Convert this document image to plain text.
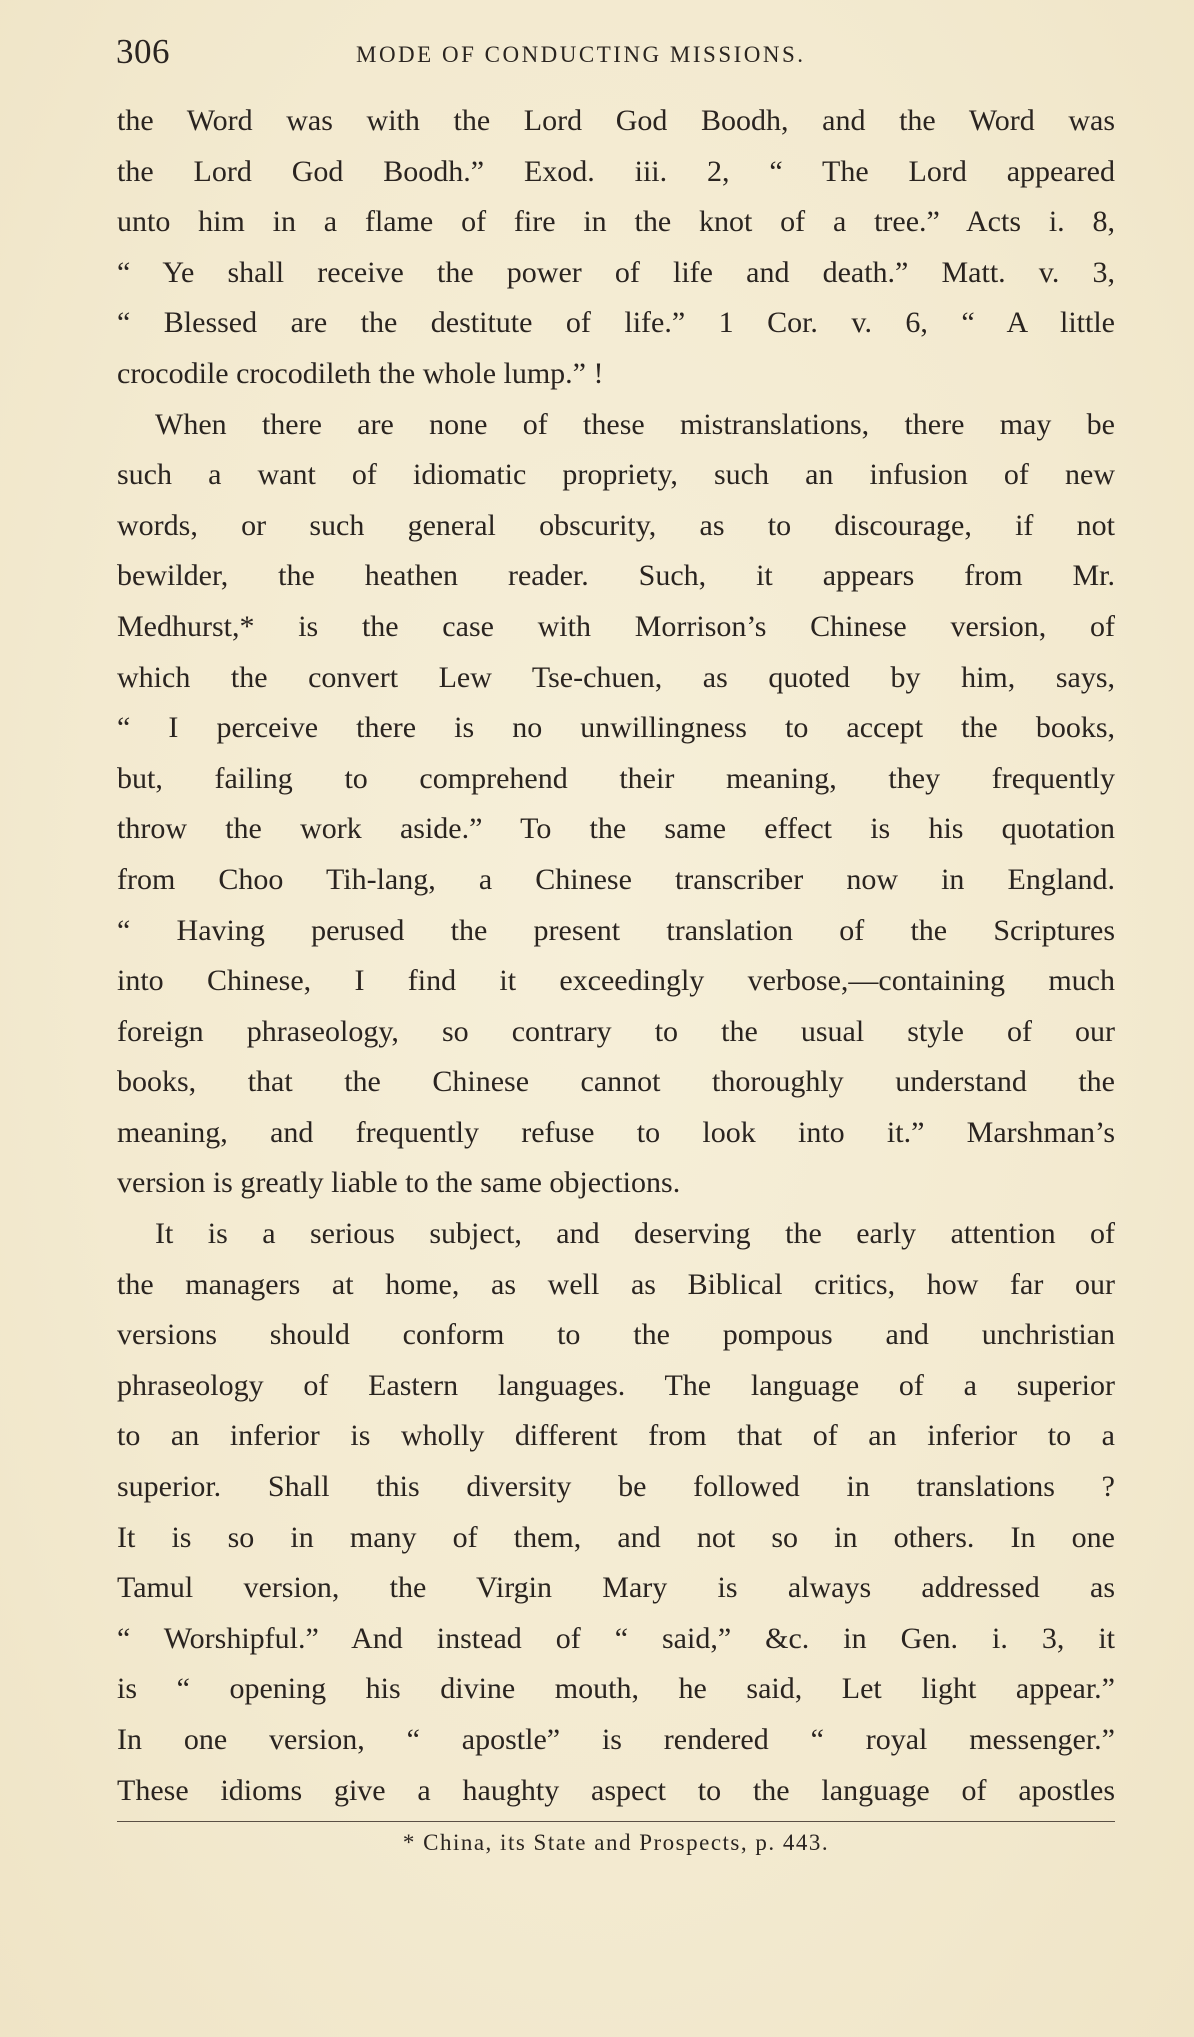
306	MODE OF CONDUCTING MISSIONS.
the Word was with the Lord God Boodh, and the Word was
the Lord God Boodh.” Exod. iii. 2, “ The Lord appeared
unto him in a flame of fire in the knot of a tree.” Acts i. 8,
“ Ye shall receive the power of life and death.” Matt. v. 3,
“ Blessed are the destitute of life.” 1 Cor. v. 6, “ A little
crocodile crocodileth the whole lump.” !
When there are none of these mistranslations, there may be
such a want of idiomatic propriety, such an infusion of new
words, or such general obscurity, as to discourage, if not
bewilder, the heathen reader. Such, it appears from Mr.
Medhurst,* is the case with Morrison’s Chinese version, of
which the convert Lew Tse-chuen, as quoted by him, says,
“ I perceive there is no unwillingness to accept the books,
but, failing to comprehend their meaning, they frequently
throw the work aside.” To the same effect is his quotation
from Choo Tih-lang, a Chinese transcriber now in England.
“ Having perused the present translation of the Scriptures
into Chinese, I find it exceedingly verbose,—containing much
foreign phraseology, so contrary to the usual style of our
books, that the Chinese cannot thoroughly understand the
meaning, and frequently refuse to look into it.” Marshman’s
version is greatly liable to the same objections.
It is a serious subject, and deserving the early attention of
the managers at home, as well as Biblical critics, how far our
versions should conform to the pompous and unchristian
phraseology of Eastern languages. The language of a superior
to an inferior is wholly different from that of an inferior to a
superior. Shall this diversity be followed in translations ?
It is so in many of them, and not so in others. In one
Tamul version, the Virgin Mary is always addressed as
“ Worshipful.” And instead of “ said,” &c. in Gen. i. 3, it
is “ opening his divine mouth, he said, Let light appear.”
In one version, “ apostle” is rendered “ royal messenger.”
These idioms give a haughty aspect to the language of apostles
* China, its State and Prospects, p. 443.
